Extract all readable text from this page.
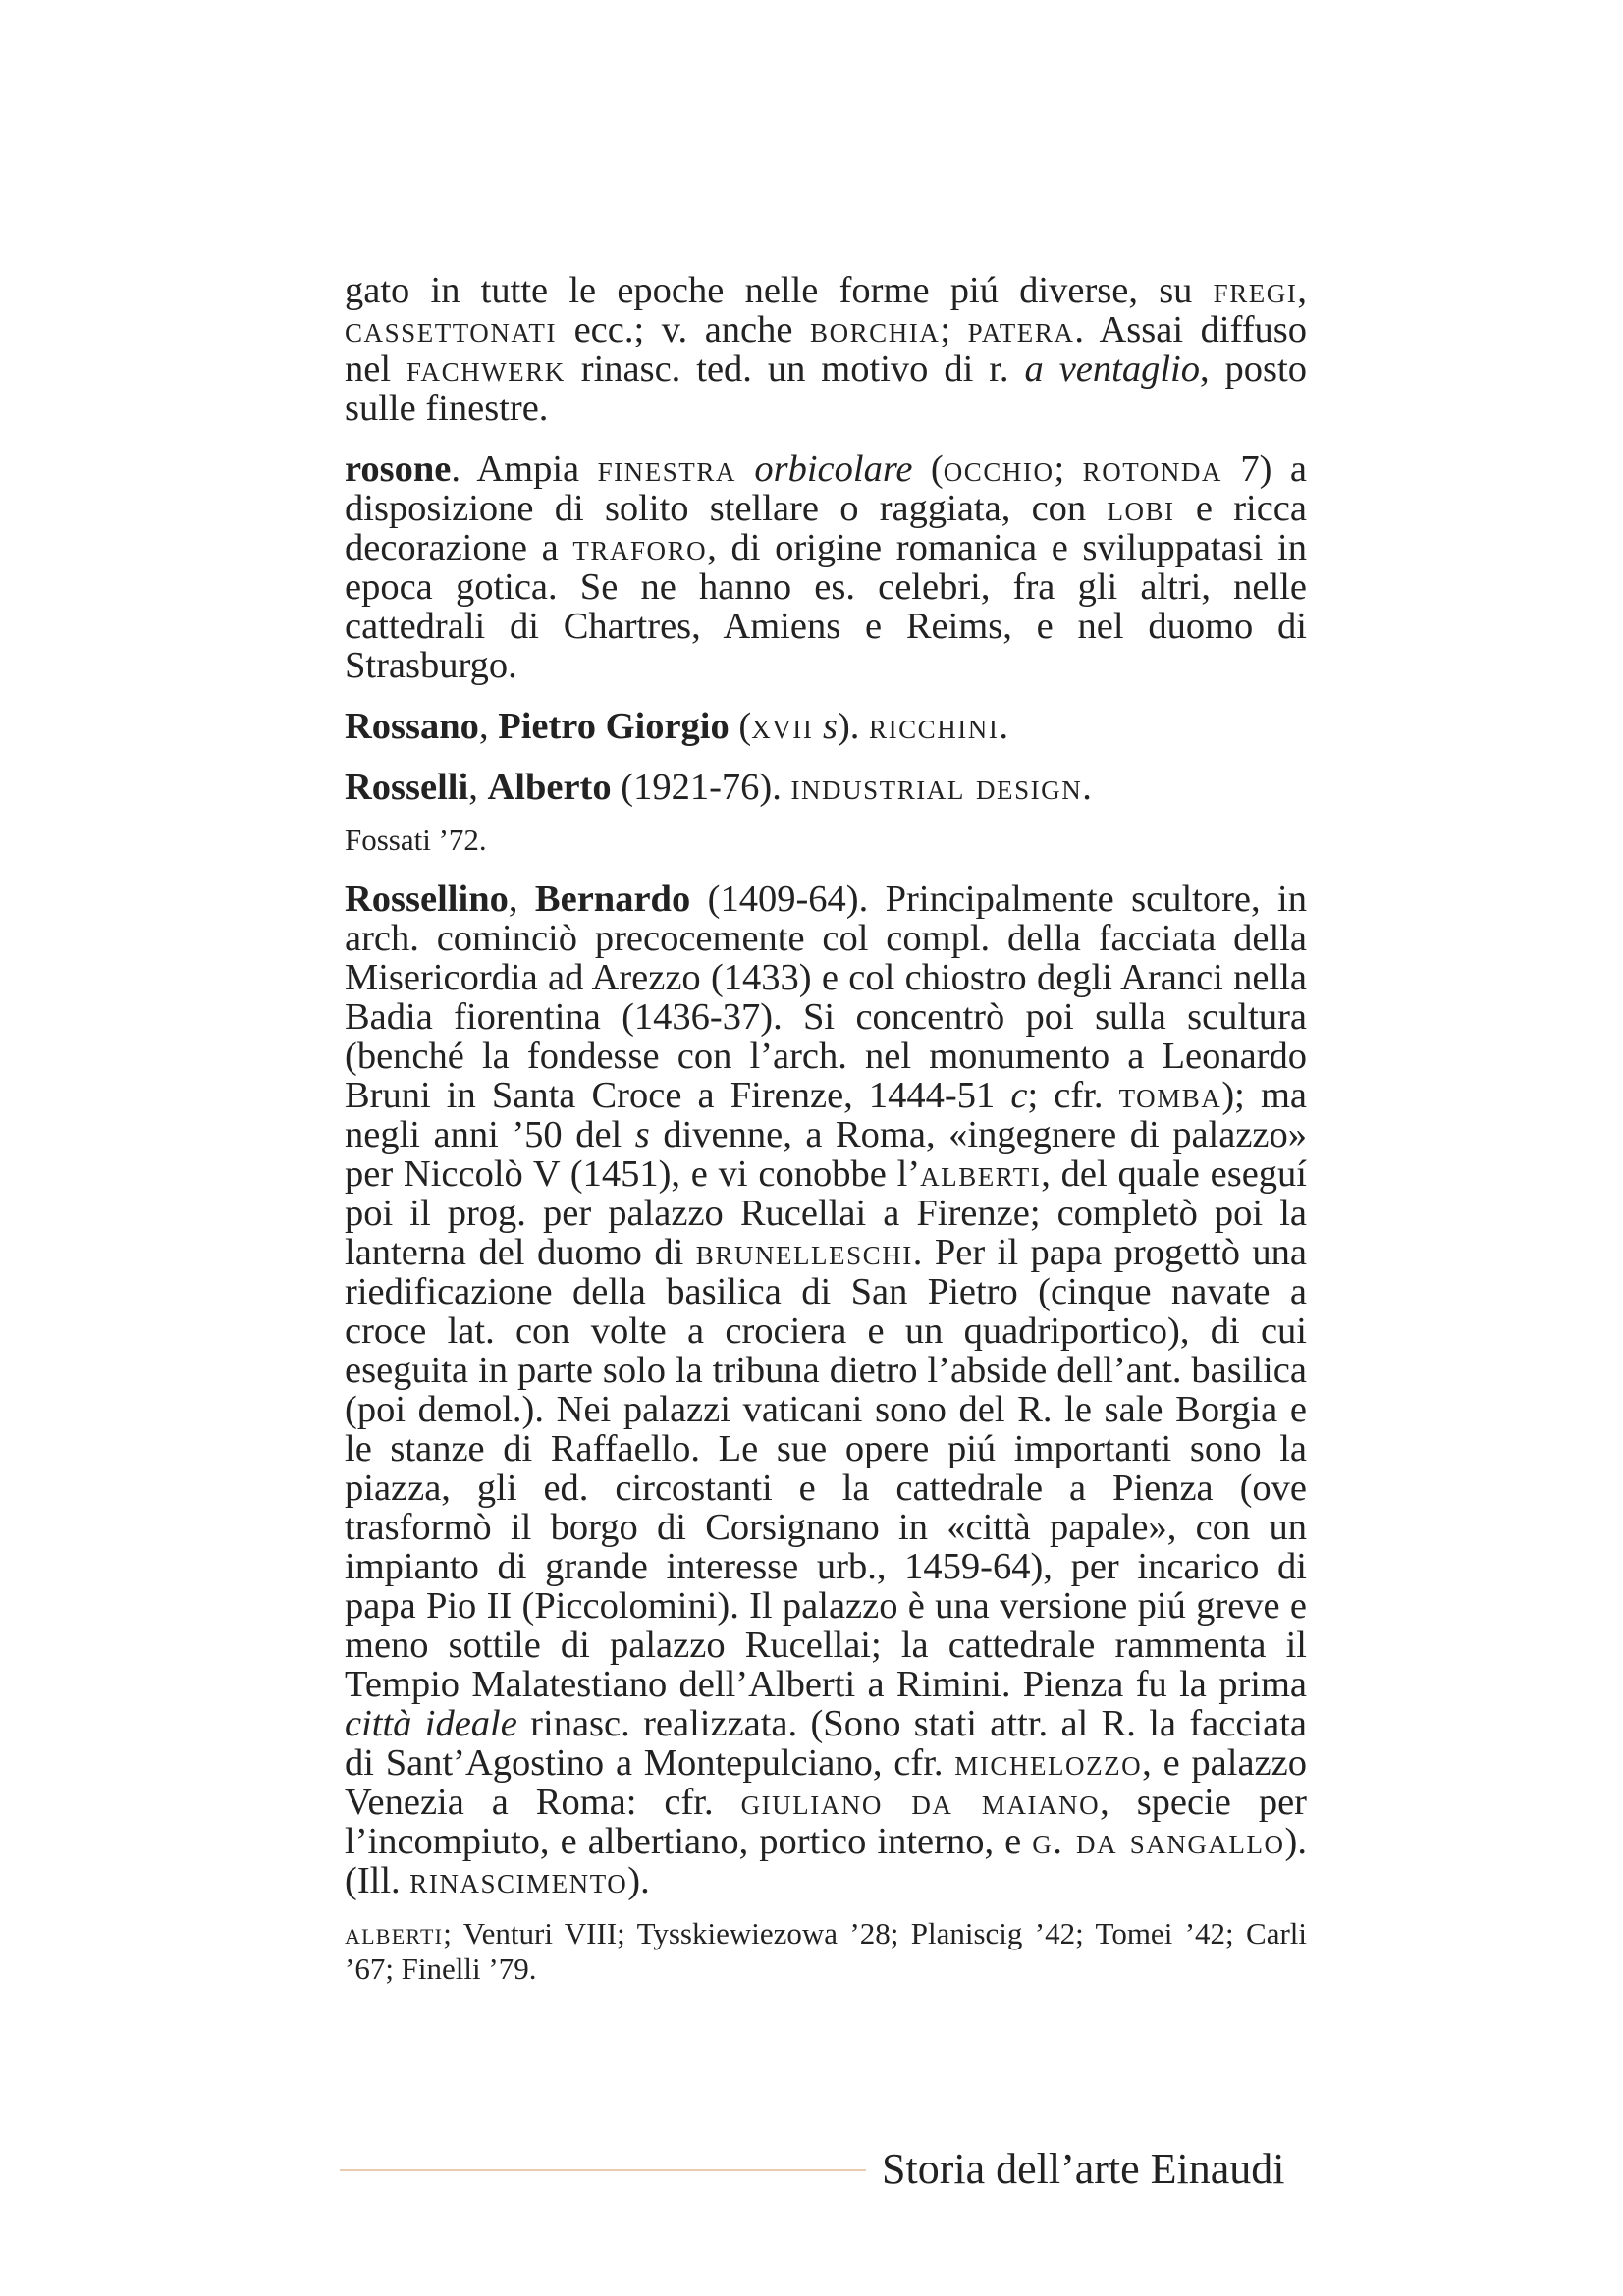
gato in tutte le epoche nelle forme piú diverse, su fregi, cassettonati ecc.; v. anche borchia; patera. Assai diffuso nel fachwerk rinasc. ted. un motivo di r. a ventaglio, posto sulle finestre.

rosone. Ampia finestra orbicolare (occhio; rotonda 7) a disposizione di solito stellare o raggiata, con lobi e ricca decorazione a traforo, di origine romanica e sviluppatasi in epoca gotica. Se ne hanno es. celebri, fra gli altri, nelle cattedrali di Chartres, Amiens e Reims, e nel duomo di Strasburgo.

Rossano, Pietro Giorgio (xvii s). ricchini.

Rosselli, Alberto (1921-76). industrial design.

Fossati ’72.

Rossellino, Bernardo (1409-64). Principalmente scultore, in arch. cominciò precocemente col compl. della facciata della Misericordia ad Arezzo (1433) e col chiostro degli Aranci nella Badia fiorentina (1436-37). Si concentrò poi sulla scultura (benché la fondesse con l’arch. nel monumento a Leonardo Bruni in Santa Croce a Firenze, 1444-51 c; cfr. tomba); ma negli anni ’50 del s divenne, a Roma, «ingegnere di palazzo» per Niccolò V (1451), e vi conobbe l’alberti, del quale eseguí poi il prog. per palazzo Rucellai a Firenze; completò poi la lanterna del duomo di brunelleschi. Per il papa progettò una riedificazione della basilica di San Pietro (cinque navate a croce lat. con volte a crociera e un quadriportico), di cui eseguita in parte solo la tribuna dietro l’abside dell’ant. basilica (poi demol.). Nei palazzi vaticani sono del R. le sale Borgia e le stanze di Raffaello. Le sue opere piú importanti sono la piazza, gli ed. circostanti e la cattedrale a Pienza (ove trasformò il borgo di Corsignano in «città papale», con un impianto di grande interesse urb., 1459-64), per incarico di papa Pio II (Piccolomini). Il palazzo è una versione piú greve e meno sottile di palazzo Rucellai; la cattedrale rammenta il Tempio Malatestiano dell’Alberti a Rimini. Pienza fu la prima città ideale rinasc. realizzata. (Sono stati attr. al R. la facciata di Sant’Agostino a Montepulciano, cfr. michelozzo, e palazzo Venezia a Roma: cfr. giuliano da maiano, specie per l’incompiuto, e albertiano, portico interno, e g. da sangallo). (Ill. rinascimento).

alberti; Venturi VIII; Tysskiewiezowa ’28; Planiscig ’42; Tomei ’42; Carli ’67; Finelli ’79.

Storia dell’arte Einaudi
